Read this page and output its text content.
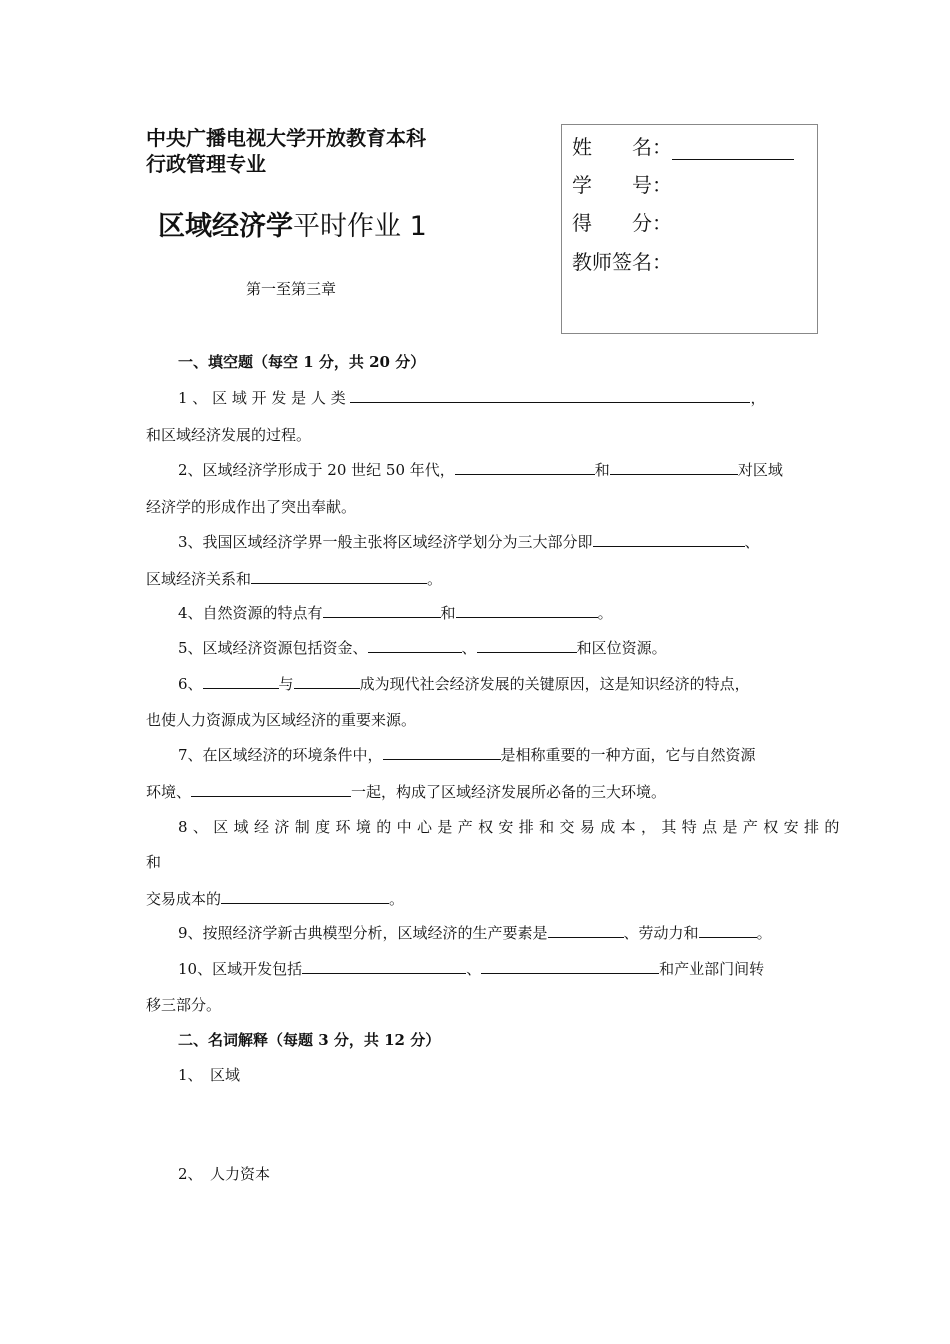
中央广播电视大学开放教育本科
行政管理专业
区域经济学平时作业 1
第一至第三章
姓　　名：
学　　号：
得　　分：
教师签名：
一、填空题（每空 1 分，共 20 分）
1 、 区 域 开 发 是 人 类	，
和区域经济发展的过程。
2、区域经济学形成于 20 世纪 50 年代，	和	对区域
经济学的形成作出了突出奉献。
3、我国区域经济学界一般主张将区域经济学划分为三大部分即	、
区域经济关系和	。
4、自然资源的特点有	和	。
5、区域经济资源包括资金、	、	和区位资源。
6、	与	成为现代社会经济发展的关键原因，这是知识经济的特点，
也使人力资源成为区域经济的重要来源。
7、在区域经济的环境条件中，	是相称重要的一种方面，它与自然资源
环境、	一起，构成了区域经济发展所必备的三大环境。
8 、 区 域 经 济 制 度 环 境 的 中 心 是 产 权 安 排 和 交 易 成 本 ， 其 特 点 是 产 权 安 排 的
和
交易成本的	。
9、按照经济学新古典模型分析，区域经济的生产要素是	、劳动力和	。
10、区域开发包括	、	和产业部门间转
移三部分。
二、名词解释（每题 3 分，共 12 分）
1、　区域
2、　人力资本
